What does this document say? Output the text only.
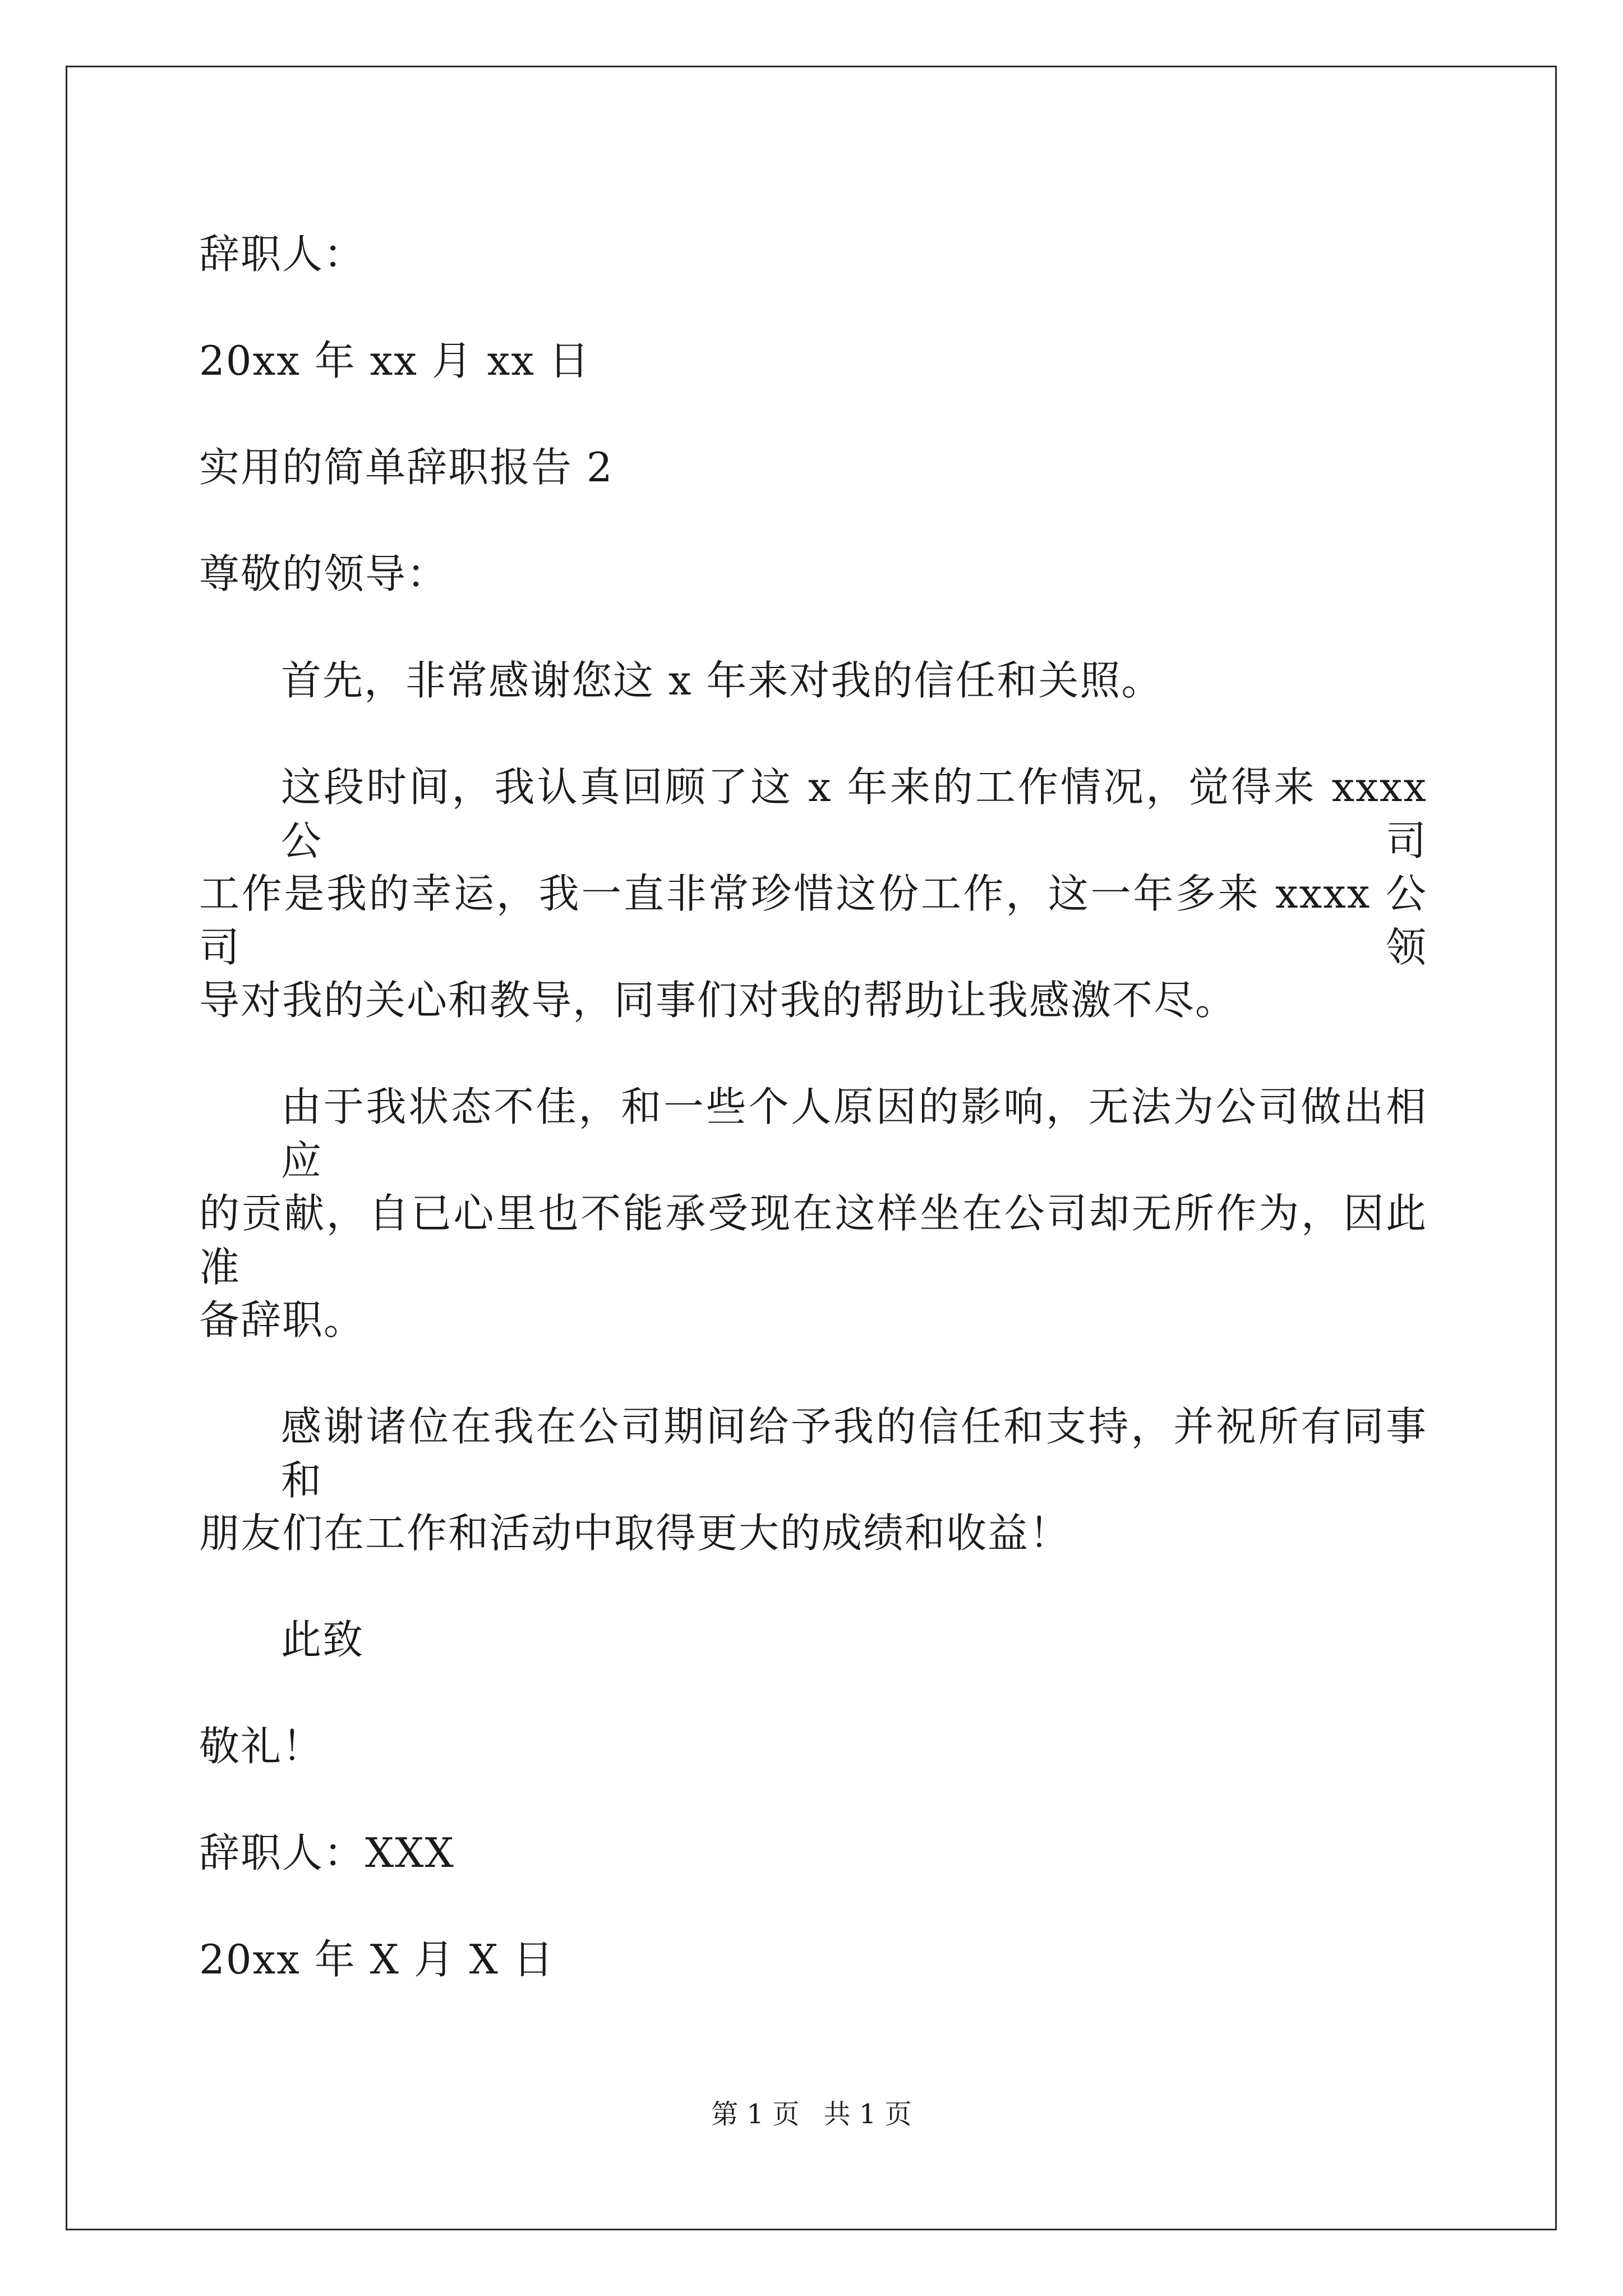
辞职人：
20xx 年 xx 月 xx 日
实用的简单辞职报告 2
尊敬的领导：
首先，非常感谢您这 x 年来对我的信任和关照。
这段时间，我认真回顾了这 x 年来的工作情况，觉得来 xxxx 公司
工作是我的幸运，我一直非常珍惜这份工作，这一年多来 xxxx 公司领
导对我的关心和教导，同事们对我的帮助让我感激不尽。
由于我状态不佳，和一些个人原因的影响，无法为公司做出相应
的贡献，自已心里也不能承受现在这样坐在公司却无所作为，因此准
备辞职。
感谢诸位在我在公司期间给予我的信任和支持，并祝所有同事和
朋友们在工作和活动中取得更大的成绩和收益！
此致
敬礼！
辞职人：XXX
20xx 年 X 月 X 日
第 1 页 共 1 页
